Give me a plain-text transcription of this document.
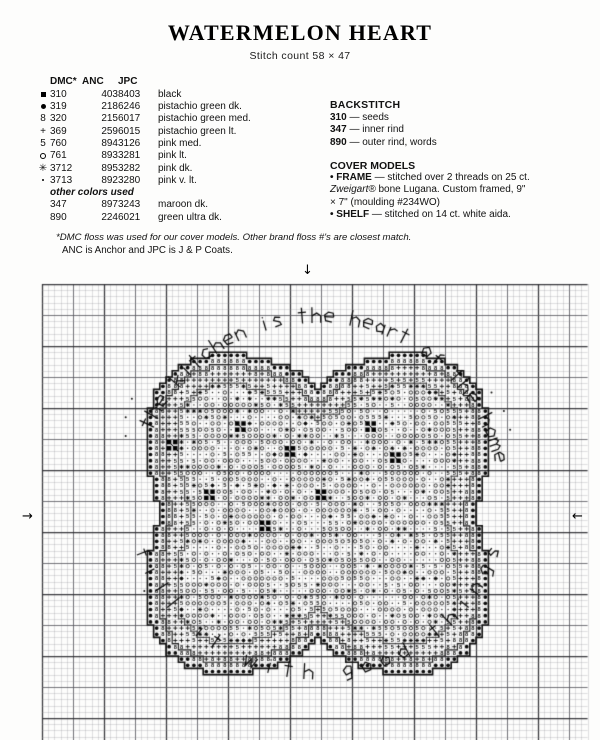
WATERMELON HEART
Stitch count 58 × 47
	DMC*	ANC	JPC	
	310	403	8403	black
	319	218	6246	pistachio green dk.
8	320	215	6017	pistachio green med.
+	369	259	6015	pistachio green lt.
5	760	894	3126	pink med.
	761	893	3281	pink lt.
✳	3712	895	3282	pink dk.
	3713	892	3280	pink v. lt.
	other colors used			
	347	897	3243	maroon dk.
	890	224	6021	green ultra dk.
BACKSTITCH
310 — seeds
347 — inner rind
890 — outer rind, words
COVER MODELS
• FRAME — stitched over 2 threads on 25 ct.
Zweigart® bone Lugana. Custom framed, 9"
× 7" (moulding #234WO)
• SHELF — stitched on 14 ct. white aida.
*DMC floss was used for our cover models. Other brand floss #'s are closest match.
ANC is Anchor and JPC is J & P Coats.
↓
→	←
